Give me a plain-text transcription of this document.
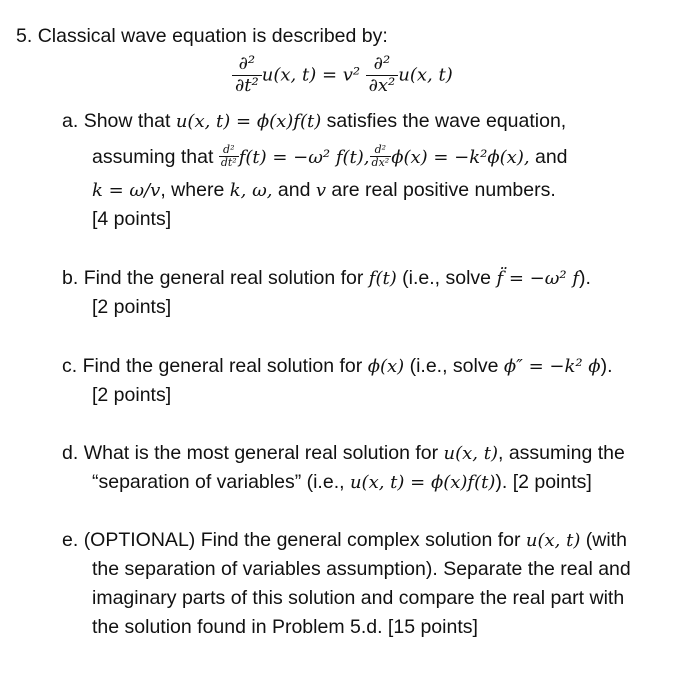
5. Classical wave equation is described by:
$\frac{\text{∂²}}{\text{∂t²}} u(x$, $t) = v^2 \frac{\text{∂²}}{\text{∂x²}} u(x$, t)
a. Show that u(x, t) = ϕ(x)f(t) satisfies the wave equation,
assuming that $\frac{\text{d²}}{\text{dt²}} f(t) = -\omega^2$ f(t), $\frac{\text{d²}}{\text{dx²}} \phi(x) = -k^2\phi(x)$, and
k = ω/v, where k, ω, and v are real positive numbers.
[4 points]
b. Find the general real solution for f(t) (i.e., solve f̈ = −ω² f).
[2 points]
c. Find the general real solution for ϕ(x) (i.e., solve ϕ″ = −k² ϕ).
[2 points]
d. What is the most general real solution for u(x, t), assuming the
“separation of variables” (i.e., u(x, t) = ϕ(x)f(t)). [2 points]
e. (OPTIONAL) Find the general complex solution for u(x, t) (with
the separation of variables assumption). Separate the real and
imaginary parts of this solution and compare the real part with
the solution found in Problem 5.d. [15 points]
